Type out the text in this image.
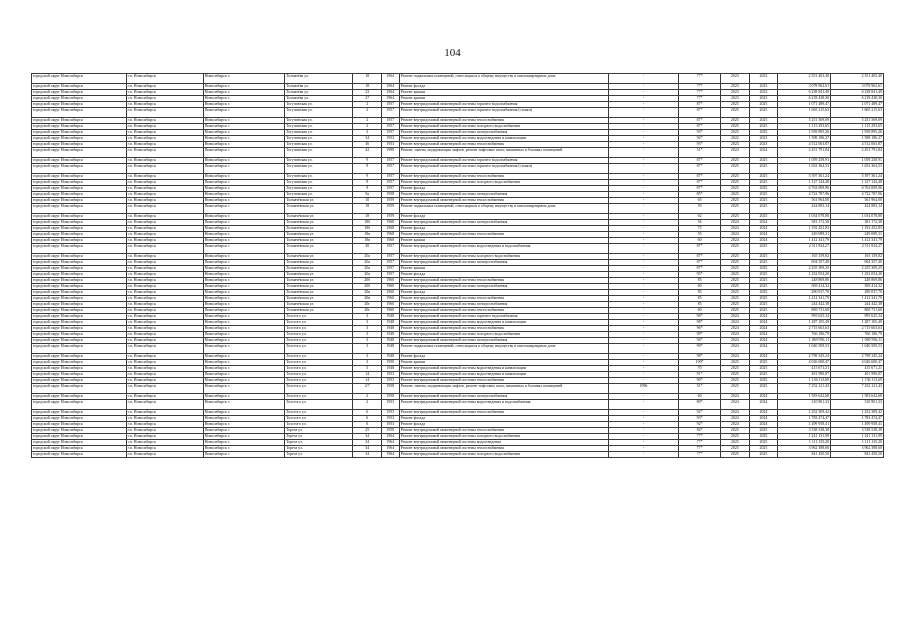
104
городской округ Новосибирск	г.п. Новосибирск	Новосибирск г.	Толмачёва ул.	18	1964	Ремонт подвальных помещений, относящихся к общему имуществу в многоквартирном доме	-	77*	2023	2023	2 351 403,40	2 351 403,40
городской округ Новосибирск	г.п. Новосибирск	Новосибирск г.	Толмачёва ул.	18	1964	Ремонт фасада	-	77*	2023	2023	3 078 962,61	3 078 962,61
городской округ Новосибирск	г.п. Новосибирск	Новосибирск г.	Толмачёва ул.	23	1964	Ремонт крыши	-	77*	2023	2023	6 238 841,49	6 238 841,49
городской округ Новосибирск	г.п. Новосибирск	Новосибирск г.	Толмачёва ул.	27	1964	Ремонт крыши	-	77*	2023	2023	6 218 438,30	6 218 438,30
городской округ Новосибирск	г.п. Новосибирск	Новосибирск г.	Тогучинская ул.	2	1957	Ремонт внутридомовой инженерной системы горячего водоснабжения	-	87*	2025	2025	1 071 489,47	1 071 489,47
городской округ Новосибирск	г.п. Новосибирск	Новосибирск г.	Тогучинская ул.	2	1957	Ремонт внутридомовой инженерной системы горячего водоснабжения (стояки)	-	87*	2025	2025	1 665 215,63	1 665 215,63
городской округ Новосибирск	г.п. Новосибирск	Новосибирск г.	Тогучинская ул.	2	1957	Ремонт внутридомовой инженерной системы теплоснабжения	-	87*	2025	2025	5 251 569,09	5 251 569,09
городской округ Новосибирск	г.п. Новосибирск	Новосибирск г.	Тогучинская ул.	2	1957	Ремонт внутридомовой инженерной системы холодного водоснабжения	-	87*	2025	2025	1 115 293,65	1 115 293,65
городской округ Новосибирск	г.п. Новосибирск	Новосибирск г.	Тогучинская ул.	3	1957	Ремонт внутридомовой инженерной системы электроснабжения	-	93*	2025	2025	1 939 895,26	1 939 895,26
городской округ Новосибирск	г.п. Новосибирск	Новосибирск г.	Тогучинская ул.	34	1953	Ремонт внутридомовой инженерной системы водоотведения и канализации	-	92*	2022	2023	1 598 186,27	1 598 186,27
городской округ Новосибирск	г.п. Новосибирск	Новосибирск г.	Тогучинская ул.	36	1953	Ремонт внутридомовой инженерной системы теплоснабжения	-	93*	2023	2023	4 512 063,87	4 512 063,87
городской округ Новосибирск	г.п. Новосибирск	Новосибирск г.	Тогучинская ул.	42	1998	Ремонт, замена, модернизация лифтов, ремонт лифтовых шахт, машинных и блочных помещений	-	51*	2024	2024	2 451 791,84	2 451 791,84
городской округ Новосибирск	г.п. Новосибирск	Новосибирск г.	Тогучинская ул.	9	1957	Ремонт внутридомовой инженерной системы горячего водоснабжения	-	87*	2025	2025	1 059 258,91	1 059 258,91
городской округ Новосибирск	г.п. Новосибирск	Новосибирск г.	Тогучинская ул.	9	1957	Ремонт внутридомовой инженерной системы горячего водоснабжения (стояки)	-	87*	2025	2025	1 652 364,53	1 652 364,53
городской округ Новосибирск	г.п. Новосибирск	Новосибирск г.	Тогучинская ул.	9	1957	Ремонт внутридомовой инженерной системы теплоснабжения	-	87*	2025	2025	5 397 361,24	5 397 361,24
городской округ Новосибирск	г.п. Новосибирск	Новосибирск г.	Тогучинская ул.	9	1957	Ремонт внутридомовой инженерной системы холодного водоснабжения	-	87*	2025	2025	1 127 144,48	1 127 144,48
городской округ Новосибирск	г.п. Новосибирск	Новосибирск г.	Тогучинская ул.	9	1957	Ремонт фасада	-	87*	2025	2025	6 763 009,96	6 763 009,96
городской округ Новосибирск	г.п. Новосибирск	Новосибирск г.	Тогучинская ул.	9а	1958	Ремонт внутридомовой инженерной системы электроснабжения	-	85*	2025	2025	4 722 787,96	4 722 787,96
городской округ Новосибирск	г.п. Новосибирск	Новосибирск г.	Толмачёвская ул.	10	1959	Ремонт внутридомовой инженерной системы теплоснабжения	-	65	2025	2025	561 964,00	561 964,00
городской округ Новосибирск	г.п. Новосибирск	Новосибирск г.	Толмачёвская ул.	18	1959	Ремонт подвальных помещений, относящихся к общему имуществу в многоквартирном доме	-	59	2025	2025	424 883,14	424 883,14
городской округ Новосибирск	г.п. Новосибирск	Новосибирск г.	Толмачёвская ул.	18	1959	Ремонт фасада	-	62	2025	2025	1 034 078,80	1 034 078,80
городской округ Новосибирск	г.п. Новосибирск	Новосибирск г.	Толмачёвская ул.	18б	1968	Ремонт внутридомовой инженерной системы электроснабжения	-	56	2024	2024	381 172,38	381 172,38
городской округ Новосибирск	г.п. Новосибирск	Новосибирск г.	Толмачёвская ул.	18б	1968	Ремонт фасада	-	75	2024	2024	1 192 452,83	1 192 452,83
городской округ Новосибирск	г.п. Новосибирск	Новосибирск г.	Толмачёвская ул.	18в	1968	Ремонт внутридомовой инженерной системы теплоснабжения	-	55	2024	2024	249 089,31	249 089,31
городской округ Новосибирск	г.п. Новосибирск	Новосибирск г.	Толмачёвская ул.	18в	1968	Ремонт крыши	-	60	2024	2024	1 412 341,79	1 412 341,79
городской округ Новосибирск	г.п. Новосибирск	Новосибирск г.	Толмачёвская ул.	20	1957	Ремонт внутридомовой инженерной системы водоотведения и водоснабжения	-	87*	2025	2025	2 511 834,27	2 511 834,27
городской округ Новосибирск	г.п. Новосибирск	Новосибирск г.	Толмачёвская ул.	20а	1957	Ремонт внутридомовой инженерной системы холодного водоснабжения	-	87*	2025	2025	165 159,82	165 159,82
городской округ Новосибирск	г.п. Новосибирск	Новосибирск г.	Толмачёвская ул.	20а	1957	Ремонт внутридомовой инженерной системы электроснабжения	-	87*	2025	2025	694 357,40	694 357,40
городской округ Новосибирск	г.п. Новосибирск	Новосибирск г.	Толмачёвская ул.	20а	1957	Ремонт крыши	-	87*	2025	2025	2 255 309,25	2 255 309,25
городской округ Новосибирск	г.п. Новосибирск	Новосибирск г.	Толмачёвская ул.	20а	1957	Ремонт фасада	-	93*	2025	2025	1 252 054,20	1 252 054,20
городской округ Новосибирск	г.п. Новосибирск	Новосибирск г.	Толмачёвская ул.	20б	1960	Ремонт внутридомовой инженерной системы теплоснабжения	-	85	2025	2025	248 869,86	248 869,86
городской округ Новосибирск	г.п. Новосибирск	Новосибирск г.	Толмачёвская ул.	20б	1960	Ремонт внутридомовой инженерной системы электроснабжения	-	60	2025	2025	569 414,32	569 414,32
городской округ Новосибирск	г.п. Новосибирск	Новосибирск г.	Толмачёвская ул.	20в	1960	Ремонт фасада	-	85	2025	2025	280 037,70	280 037,70
городской округ Новосибирск	г.п. Новосибирск	Новосибирск г.	Толмачёвская ул.	20в	1960	Ремонт внутридомовой инженерной системы теплоснабжения	-	85	2025	2025	1 412 341,79	1 412 341,79
городской округ Новосибирск	г.п. Новосибирск	Новосибирск г.	Толмачёвская ул.	20г	1960	Ремонт внутридомовой инженерной системы электроснабжения	-	85	2025	2025	244 442,38	244 442,38
городской округ Новосибирск	г.п. Новосибирск	Новосибирск г.	Толмачёвская ул.	20г	1960	Ремонт внутридомовой инженерной системы теплоснабжения	-	60	2025	2025	869 731,60	869 731,60
городской округ Новосибирск	г.п. Новосибирск	Новосибирск г.	Толстого ул.	3	1948	Ремонт внутридомовой инженерной системы горячего водоснабжения	-	96*	2024	2024	995 625,34	995 625,34
городской округ Новосибирск	г.п. Новосибирск	Новосибирск г.	Толстого ул.	3	1948	Ремонт внутридомовой инженерной системы водоотведения и канализации	-	98*	2024	2024	1 287 105,49	1 287 105,49
городской округ Новосибирск	г.п. Новосибирск	Новосибирск г.	Толстого ул.	3	1948	Ремонт внутридомовой инженерной системы теплоснабжения	-	96*	2024	2024	2 715 663,63	2 715 663,63
городской округ Новосибирск	г.п. Новосибирск	Новосибирск г.	Толстого ул.	3	1948	Ремонт внутридомовой инженерной системы холодного водоснабжения	-	99*	2024	2024	766 186,79	766 186,79
городской округ Новосибирск	г.п. Новосибирск	Новосибирск г.	Толстого ул.	3	1948	Ремонт внутридомовой инженерной системы электроснабжения	-	94*	2024	2024	1 069 956,11	1 069 956,11
городской округ Новосибирск	г.п. Новосибирск	Новосибирск г.	Толстого ул.	3	1948	Ремонт подвальных помещений, относящихся к общему имуществу в многоквартирном доме	-	99*	2024	2024	1 040 509,53	1 040 509,53
городской округ Новосибирск	г.п. Новосибирск	Новосибирск г.	Толстого ул.	3	1948	Ремонт фасада	-	98*	2024	2024	2 798 345,24	2 798 345,24
городской округ Новосибирск	г.п. Новосибирск	Новосибирск г.	Толстого ул.	3	1950	Ремонт крыши	-	100*	2025	2025	4 026 600,47	4 026 600,47
городской округ Новосибирск	г.п. Новосибирск	Новосибирск г.	Толстого ул.	5	1948	Ремонт внутридомовой инженерной системы водоотведения и канализации	-	70	2025	2025	415 671,21	415 671,21
городской округ Новосибирск	г.п. Новосибирск	Новосибирск г.	Толстого ул.	14	1953	Ремонт внутридомовой инженерной системы водоотведения и канализации	-	91*	2025	2025	491 990,87	491 990,87
городской округ Новосибирск	г.п. Новосибирск	Новосибирск г.	Толстого ул.	14	1953	Ремонт внутридомовой инженерной системы теплоснабжения	-	90*	2025	2025	1 136 113,69	1 136 113,69
городской округ Новосибирск	г.п. Новосибирск	Новосибирск г.	Толстого ул.	2/7	1958	Ремонт, замена, модернизация лифтов, ремонт лифтовых шахт, машинных и блочных помещений	1996	51*	2025	2025	7 252 121,43	7 252 121,43
городской округ Новосибирск	г.п. Новосибирск	Новосибирск г.	Толстого ул.	2	1958	Ремонт внутридомовой инженерной системы электроснабжения	-	60	2024	2024	1 583 642,68	1 583 642,68
городской округ Новосибирск	г.п. Новосибирск	Новосибирск г.	Толстого ул.	2	1953	Ремонт внутридомовой инженерной системы водоотведения и водоснабжения	-	80*	2024	2024	310 901,33	310 901,33
городской округ Новосибирск	г.п. Новосибирск	Новосибирск г.	Толстого ул.	6	1953	Ремонт внутридомовой инженерной системы теплоснабжения	-	92*	2024	2024	1 252 309,42	1 252 309,42
городской округ Новосибирск	г.п. Новосибирск	Новосибирск г.	Толстого ул.	6	1953	Ремонт фасада	-	93*	2024	2024	1 783 474,47	1 783 474,47
городской округ Новосибирск	г.п. Новосибирск	Новосибирск г.	Толстого ул.	6	1953	Ремонт фасада	-	92*	2024	2024	1 499 958,41	1 499 958,41
городской округ Новосибирск	г.п. Новосибирск	Новосибирск г.	Тореза ул.	25	1958	Ремонт внутридомовой инженерной системы теплоснабжения	-	84*	2025	2025	3 538 538,38	3 538 538,38
городской округ Новосибирск	г.п. Новосибирск	Новосибирск г.	Тореза ул.	34	1964	Ремонт внутридомовой инженерной системы холодного водоснабжения	-	77*	2025	2025	1 241 131,99	1 241 131,99
городской округ Новосибирск	г.п. Новосибирск	Новосибирск г.	Тореза ул.	34	1964	Ремонт внутридомовой инженерной системы водоотведения	-	77*	2025	2025	1 111 135,20	1 111 135,20
городской округ Новосибирск	г.п. Новосибирск	Новосибирск г.	Тореза ул.	34	1964	Ремонт внутридомовой инженерной системы теплоснабжения	-	77*	2025	2025	3 962 388,60	3 962 388,60
городской округ Новосибирск	г.п. Новосибирск	Новосибирск г.	Тореза ул.	34	1964	Ремонт внутридомовой инженерной системы холодного водоснабжения	-	77*	2025	2025	841 450,50	841 450,50
